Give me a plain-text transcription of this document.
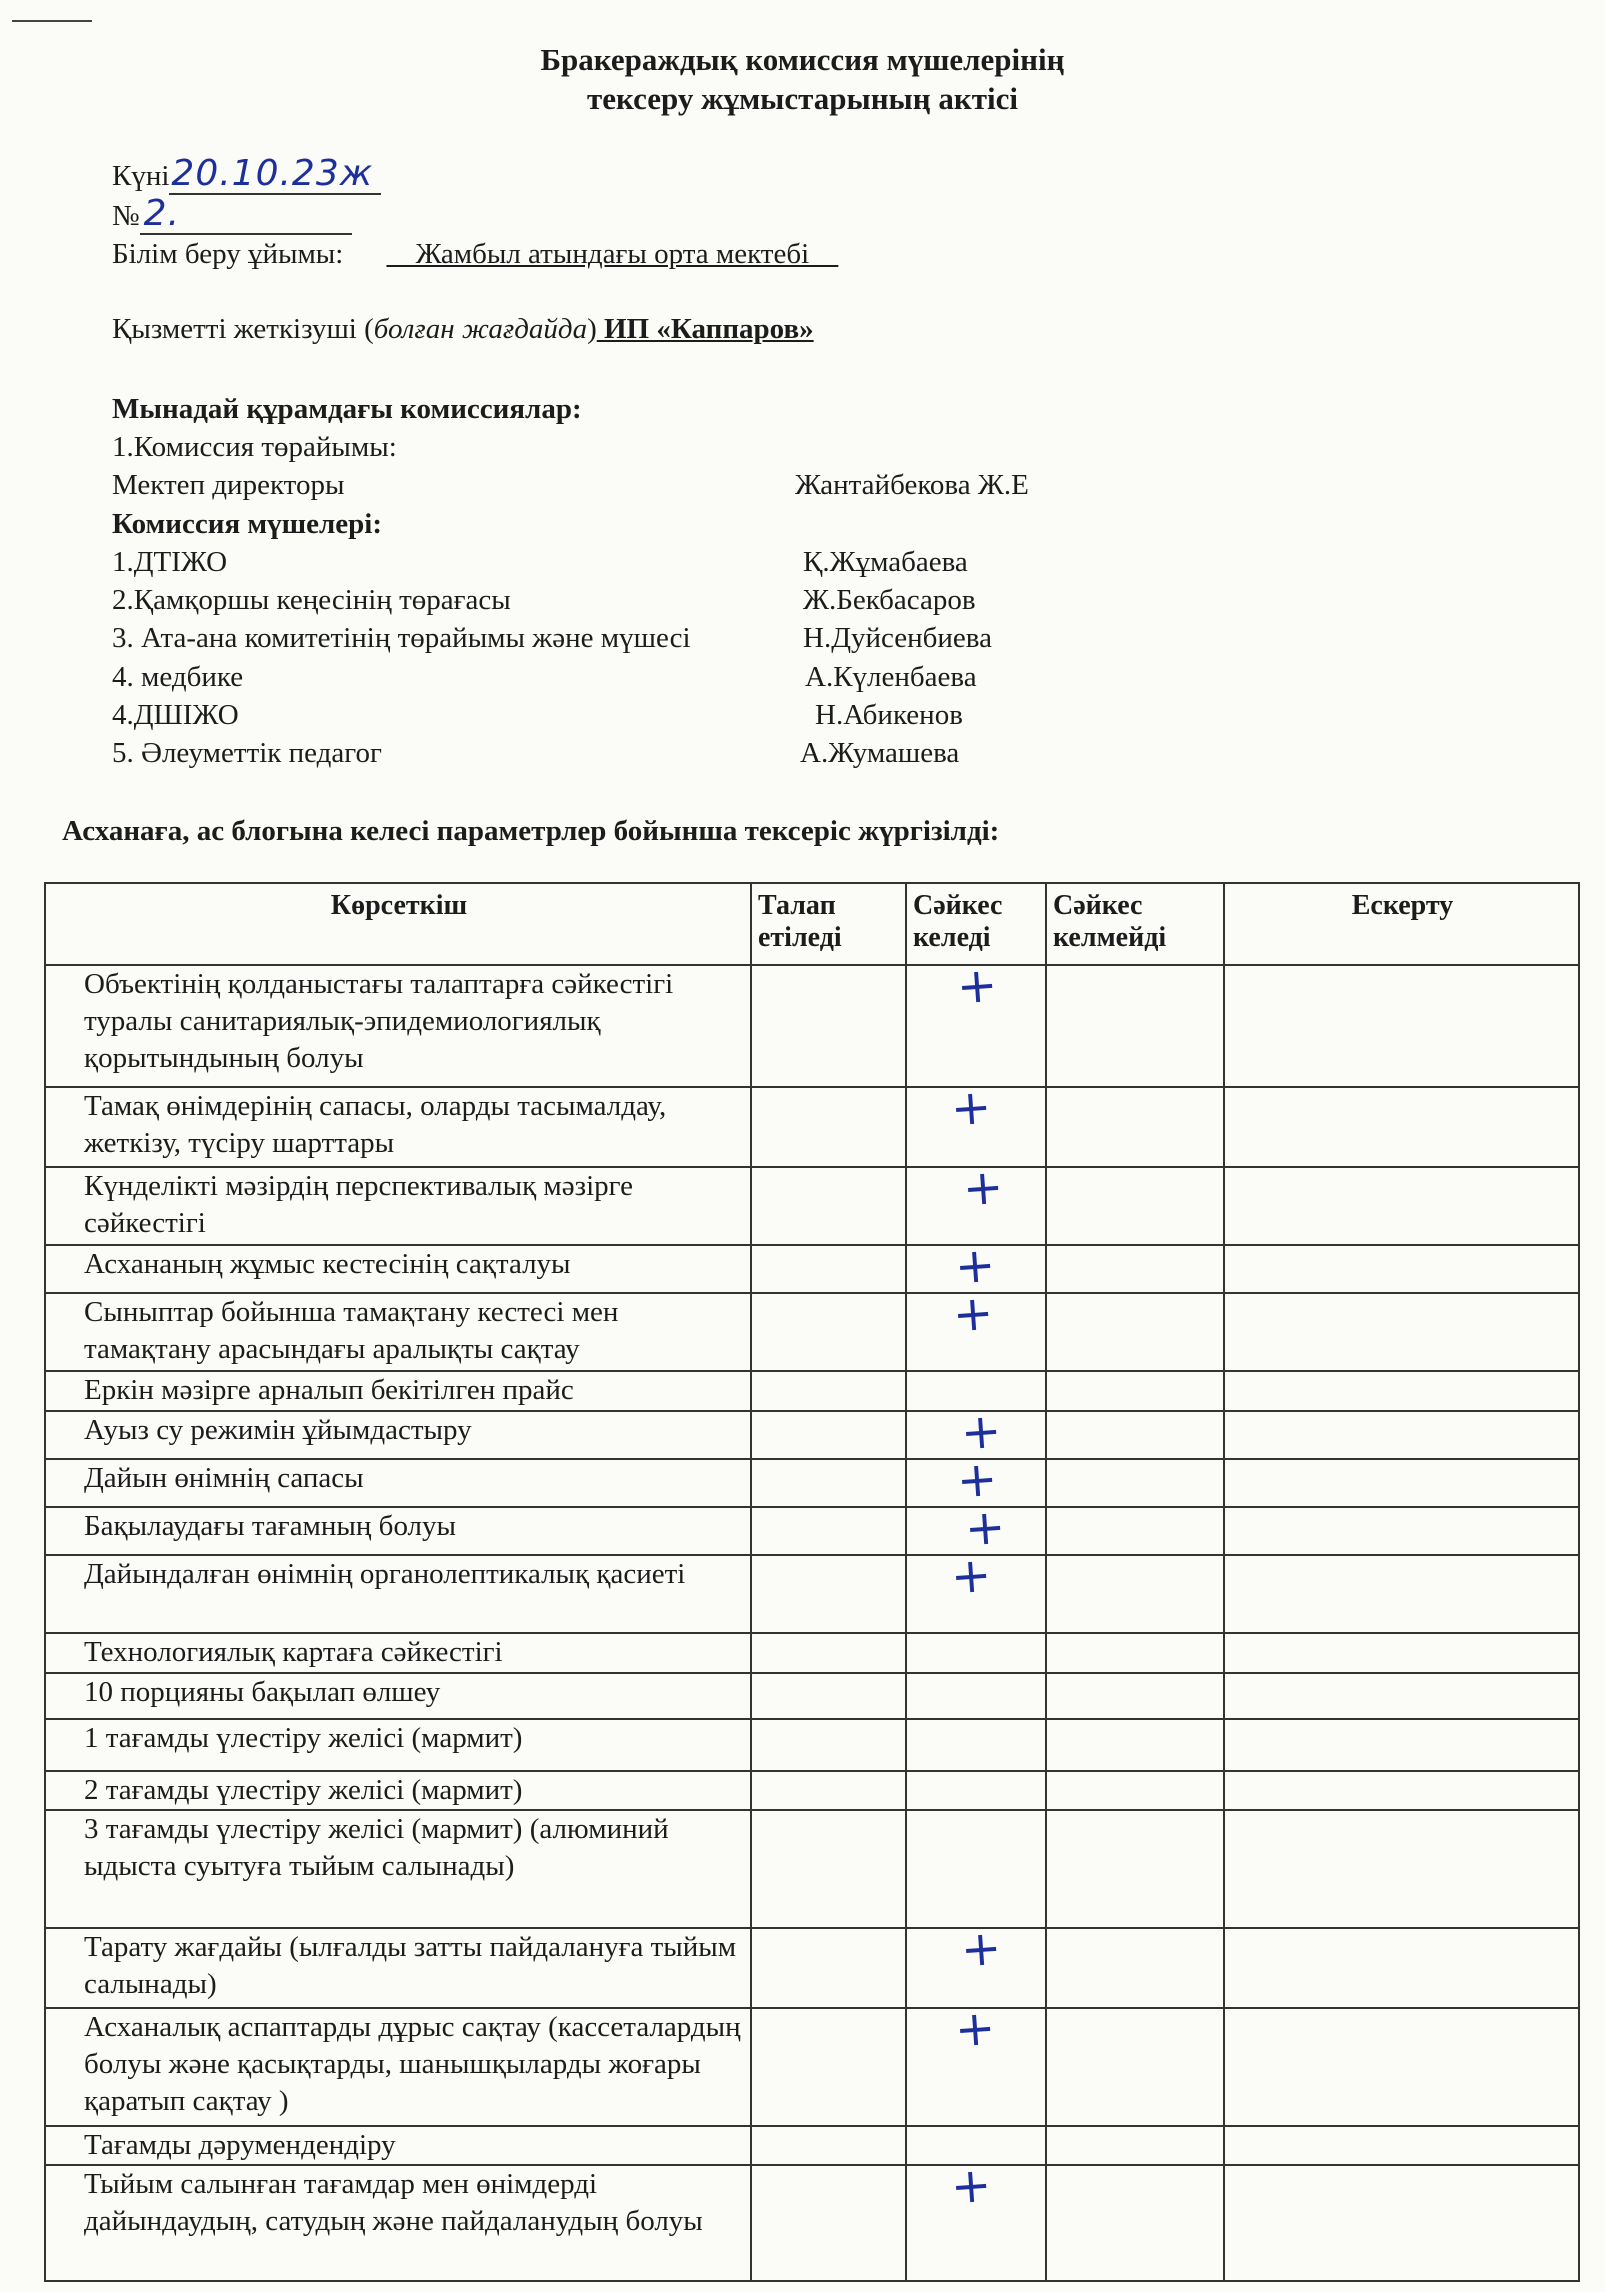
Бракераждық комиссия мүшелерінің
тексеру жұмыстарының актісі
Күні20.10.23ж
№ 2.
Білім беру ұйымы: __Жамбыл атындағы орта мектебі__
Қызметті жеткізуші (болған жағдайда) ИП «Каппаров»
Мынадай құрамдағы комиссиялар:
1.Комиссия төрайымы:
Мектеп директоры	Жантайбекова Ж.Е
Комиссия мүшелері:
1.ДТІЖО	Қ.Жұмабаева
2.Қамқоршы кеңесінің төрағасы	Ж.Бекбасаров
3. Ата-ана комитетінің төрайымы және мүшесі	Н.Дуйсенбиева
4. медбике	А.Күленбаева
4.ДШІЖО	Н.Абикенов
5. Әлеуметтік педагог	А.Жумашева
Асханаға, ас блогына келесі параметрлер бойынша тексеріс жүргізілді:
Көрсеткіш	Талап етіледі	Сәйкес келеді	Сәйкес келмейді	Ескерту
Объектінің қолданыстағы талаптарға сәйкестігі туралы санитариялық-эпидемиологиялық қорытындының болуы		+		
Тамақ өнімдерінің сапасы, оларды тасымалдау, жеткізу, түсіру шарттары		+		
Күнделікті мәзірдің перспективалық мәзірге сәйкестігі		+		
Асхананың жұмыс кестесінің сақталуы		+		
Сыныптар бойынша тамақтану кестесі мен тамақтану арасындағы аралықты сақтау		+		
Еркін мәзірге арналып бекітілген прайс				
Ауыз су режимін ұйымдастыру		+		
Дайын өнімнің сапасы		+		
Бақылаудағы тағамның болуы		+		
Дайындалған өнімнің органолептикалық қасиеті		+		
Технологиялық картаға сәйкестігі				
10 порцияны бақылап өлшеу				
1 тағамды үлестіру желісі (мармит)				
2 тағамды үлестіру желісі (мармит)				
3 тағамды үлестіру желісі (мармит) (алюминий ыдыста суытуға тыйым салынады)				
Тарату жағдайы (ылғалды затты пайдалануға тыйым салынады)		+		
Асханалық аспаптарды дұрыс сақтау (кассеталардың болуы және қасықтарды, шанышқыларды жоғары қаратып сақтау )		+		
Тағамды дәрумендендіру				
Тыйым салынған тағамдар мен өнімдерді дайындаудың, сатудың және пайдаланудың болуы		+		
